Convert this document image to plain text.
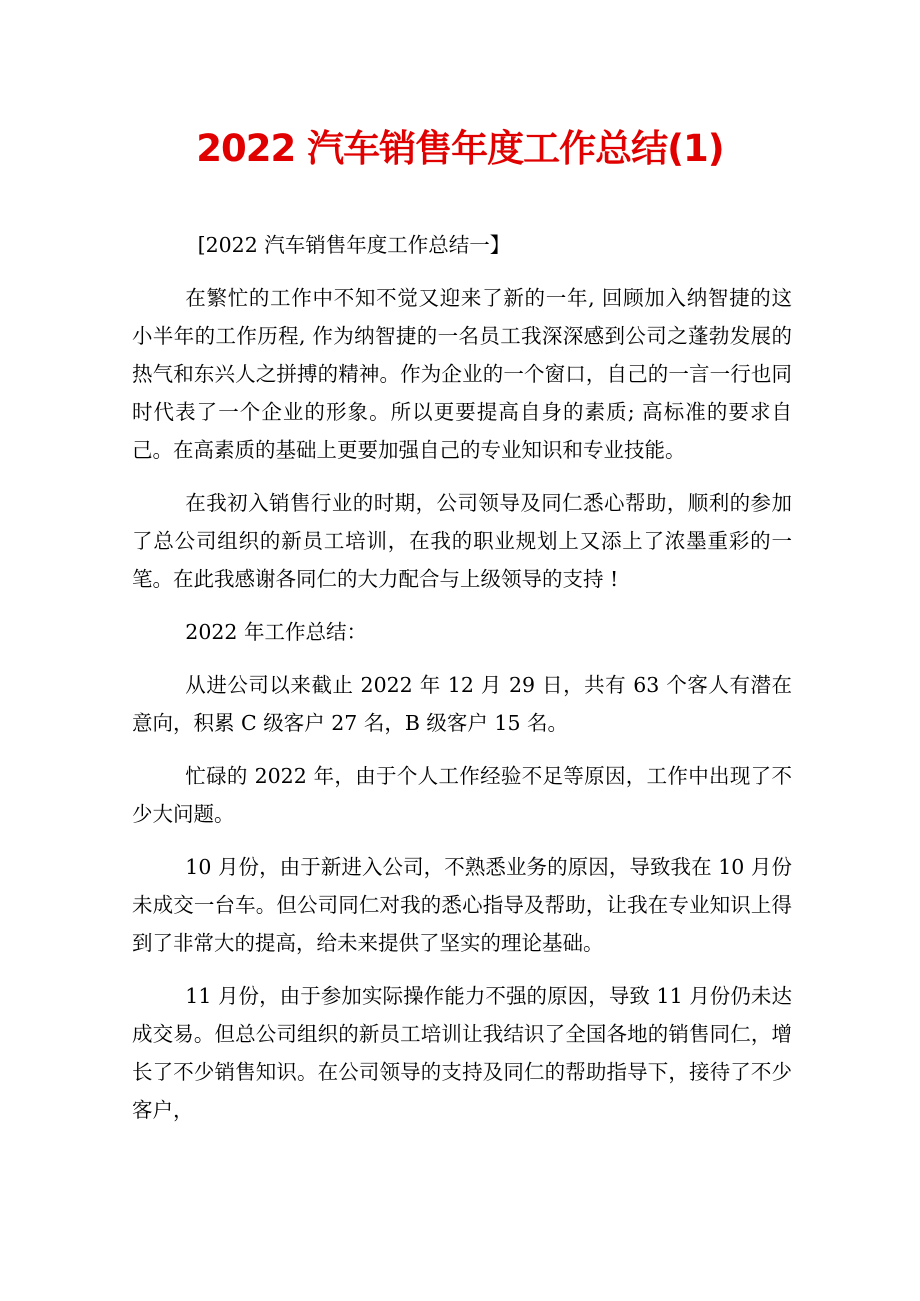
2022 汽车销售年度工作总结(1)

[2022 汽车销售年度工作总结一】

在繁忙的工作中不知不觉又迎来了新的一年, 回顾加入纳智捷的这小半年的工作历程, 作为纳智捷的一名员工我深深感到公司之蓬勃发展的热气和东兴人之拼搏的精神。作为企业的一个窗口，自己的一言一行也同时代表了一个企业的形象。所以更要提高自身的素质; 高标准的要求自己。在高素质的基础上更要加强自己的专业知识和专业技能。

在我初入销售行业的时期，公司领导及同仁悉心帮助，顺利的参加了总公司组织的新员工培训，在我的职业规划上又添上了浓墨重彩的一笔。在此我感谢各同仁的大力配合与上级领导的支持 !

2022 年工作总结：

从进公司以来截止 2022 年 12 月 29 日，共有 63 个客人有潜在意向，积累 C 级客户 27 名，B 级客户 15 名。

忙碌的 2022 年，由于个人工作经验不足等原因，工作中出现了不少大问题。

10 月份，由于新进入公司，不熟悉业务的原因，导致我在 10 月份未成交一台车。但公司同仁对我的悉心指导及帮助，让我在专业知识上得到了非常大的提高，给未来提供了坚实的理论基础。

11 月份，由于参加实际操作能力不强的原因，导致 11 月份仍未达成交易。但总公司组织的新员工培训让我结识了全国各地的销售同仁，增长了不少销售知识。在公司领导的支持及同仁的帮助指导下，接待了不少客户，
